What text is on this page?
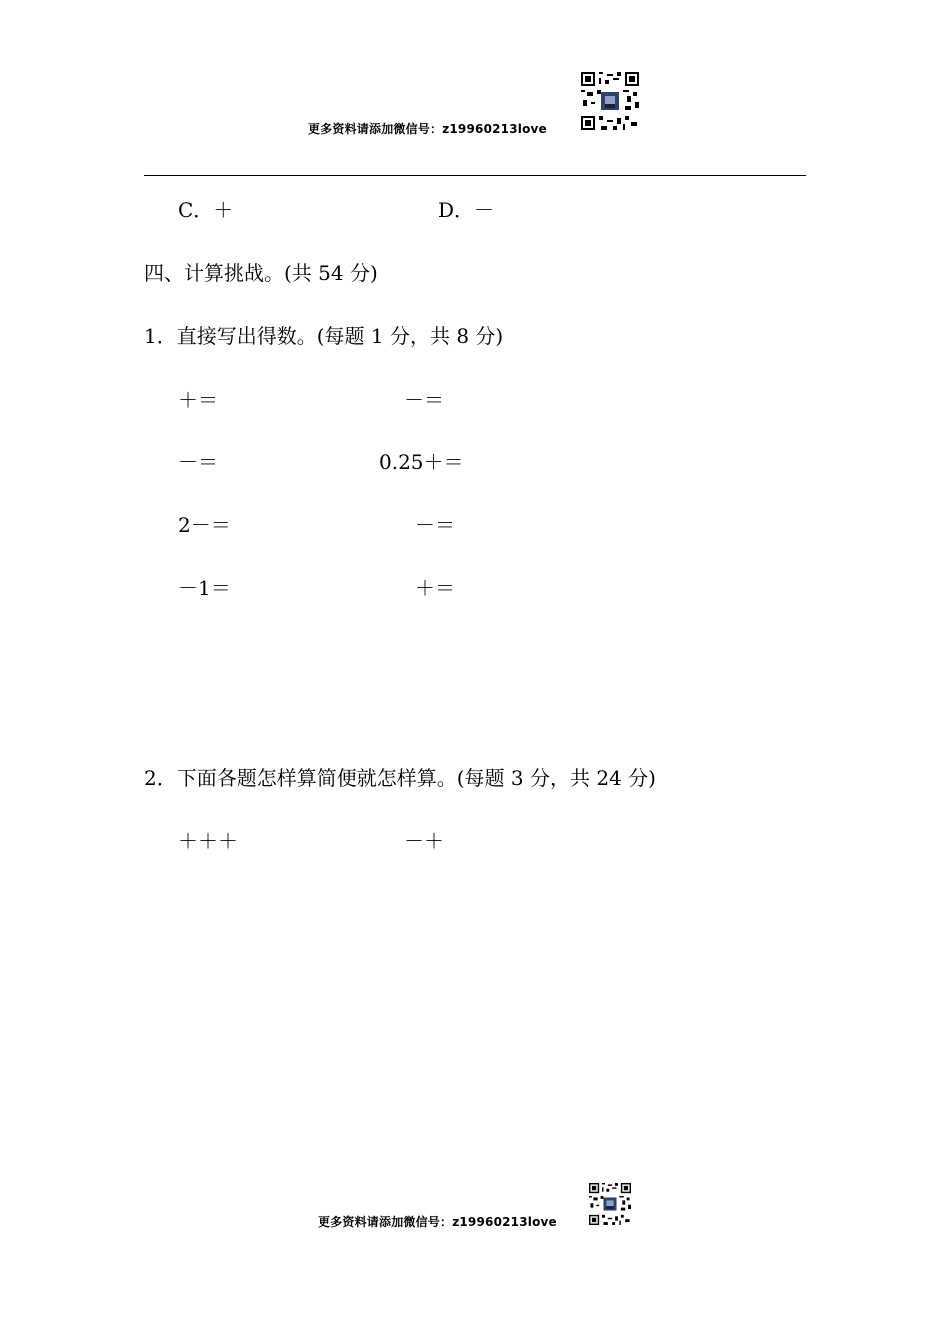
更多资料请添加微信号：z19960213love
C．＋	D．－
四、计算挑战。(共 54 分)
1．直接写出得数。(每题 1 分，共 8 分)
＋＝	－＝
－＝	0.25＋＝
2－＝	－＝
－1＝	＋＝
2．下面各题怎样算简便就怎样算。(每题 3 分，共 24 分)
＋＋＋	－＋
更多资料请添加微信号：z19960213love
